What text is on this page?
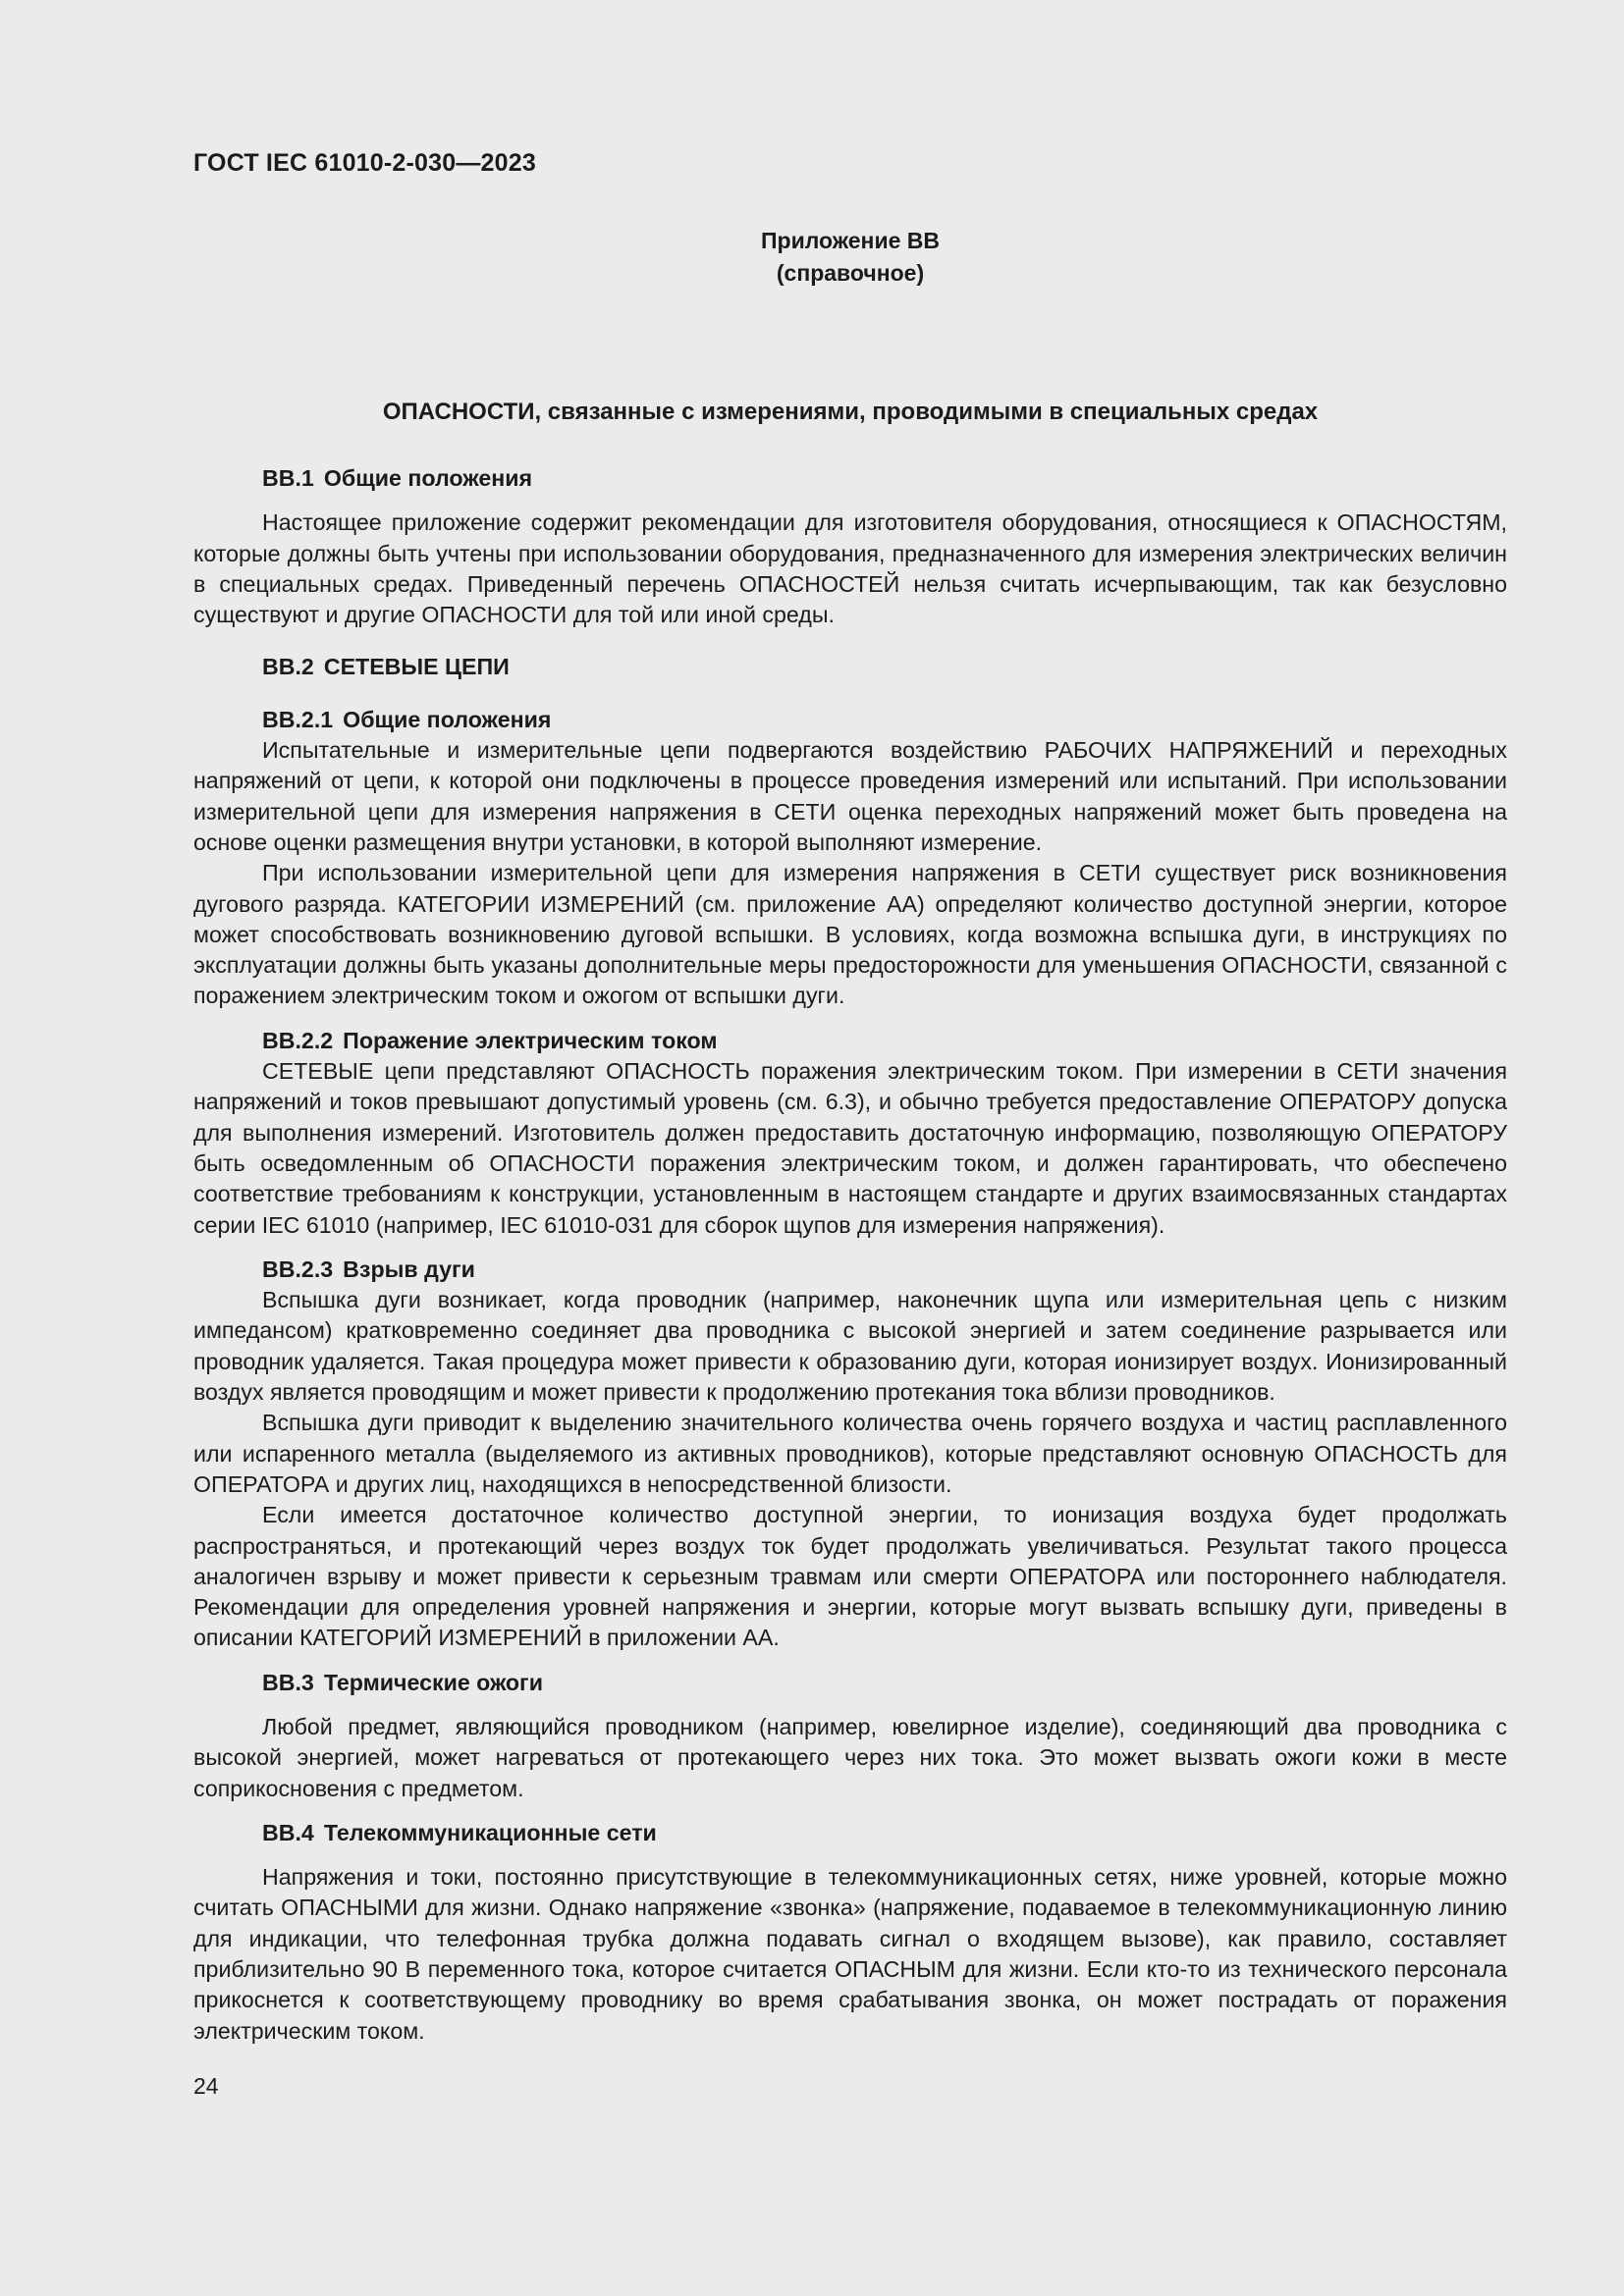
ГОСТ IEC 61010-2-030—2023
Приложение ВВ
(справочное)
ОПАСНОСТИ, связанные с измерениями, проводимыми в специальных средах

ВВ.1 Общие положения

Настоящее приложение содержит рекомендации для изготовителя оборудования, относящиеся к ОПАСНОСТЯМ, которые должны быть учтены при использовании оборудования, предназначенного для измерения электрических величин в специальных средах. Приведенный перечень ОПАСНОСТЕЙ нельзя считать исчерпывающим, так как безусловно существуют и другие ОПАСНОСТИ для той или иной среды.

ВВ.2 СЕТЕВЫЕ ЦЕПИ

ВВ.2.1 Общие положения

Испытательные и измерительные цепи подвергаются воздействию РАБОЧИХ НАПРЯЖЕНИЙ и переходных напряжений от цепи, к которой они подключены в процессе проведения измерений или испытаний. При использовании измерительной цепи для измерения напряжения в СЕТИ оценка переходных напряжений может быть проведена на основе оценки размещения внутри установки, в которой выполняют измерение.

При использовании измерительной цепи для измерения напряжения в СЕТИ существует риск возникновения дугового разряда. КАТЕГОРИИ ИЗМЕРЕНИЙ (см. приложение АА) определяют количество доступной энергии, которое может способствовать возникновению дуговой вспышки. В условиях, когда возможна вспышка дуги, в инструкциях по эксплуатации должны быть указаны дополнительные меры предосторожности для уменьшения ОПАСНОСТИ, связанной с поражением электрическим током и ожогом от вспышки дуги.

ВВ.2.2 Поражение электрическим током

СЕТЕВЫЕ цепи представляют ОПАСНОСТЬ поражения электрическим током. При измерении в СЕТИ значения напряжений и токов превышают допустимый уровень (см. 6.3), и обычно требуется предоставление ОПЕРАТОРУ допуска для выполнения измерений. Изготовитель должен предоставить достаточную информацию, позволяющую ОПЕРАТОРУ быть осведомленным об ОПАСНОСТИ поражения электрическим током, и должен гарантировать, что обеспечено соответствие требованиям к конструкции, установленным в настоящем стандарте и других взаимосвязанных стандартах серии IEC 61010 (например, IEC 61010-031 для сборок щупов для измерения напряжения).

ВВ.2.3 Взрыв дуги

Вспышка дуги возникает, когда проводник (например, наконечник щупа или измерительная цепь с низким импедансом) кратковременно соединяет два проводника с высокой энергией и затем соединение разрывается или проводник удаляется. Такая процедура может привести к образованию дуги, которая ионизирует воздух. Ионизированный воздух является проводящим и может привести к продолжению протекания тока вблизи проводников.

Вспышка дуги приводит к выделению значительного количества очень горячего воздуха и частиц расплавленного или испаренного металла (выделяемого из активных проводников), которые представляют основную ОПАСНОСТЬ для ОПЕРАТОРА и других лиц, находящихся в непосредственной близости.

Если имеется достаточное количество доступной энергии, то ионизация воздуха будет продолжать распространяться, и протекающий через воздух ток будет продолжать увеличиваться. Результат такого процесса аналогичен взрыву и может привести к серьезным травмам или смерти ОПЕРАТОРА или постороннего наблюдателя. Рекомендации для определения уровней напряжения и энергии, которые могут вызвать вспышку дуги, приведены в описании КАТЕГОРИЙ ИЗМЕРЕНИЙ в приложении АА.

ВВ.3 Термические ожоги

Любой предмет, являющийся проводником (например, ювелирное изделие), соединяющий два проводника с высокой энергией, может нагреваться от протекающего через них тока. Это может вызвать ожоги кожи в месте соприкосновения с предметом.

ВВ.4 Телекоммуникационные сети

Напряжения и токи, постоянно присутствующие в телекоммуникационных сетях, ниже уровней, которые можно считать ОПАСНЫМИ для жизни. Однако напряжение «звонка» (напряжение, подаваемое в телекоммуникационную линию для индикации, что телефонная трубка должна подавать сигнал о входящем вызове), как правило, составляет приблизительно 90 В переменного тока, которое считается ОПАСНЫМ для жизни. Если кто-то из технического персонала прикоснется к соответствующему проводнику во время срабатывания звонка, он может пострадать от поражения электрическим током.

24
